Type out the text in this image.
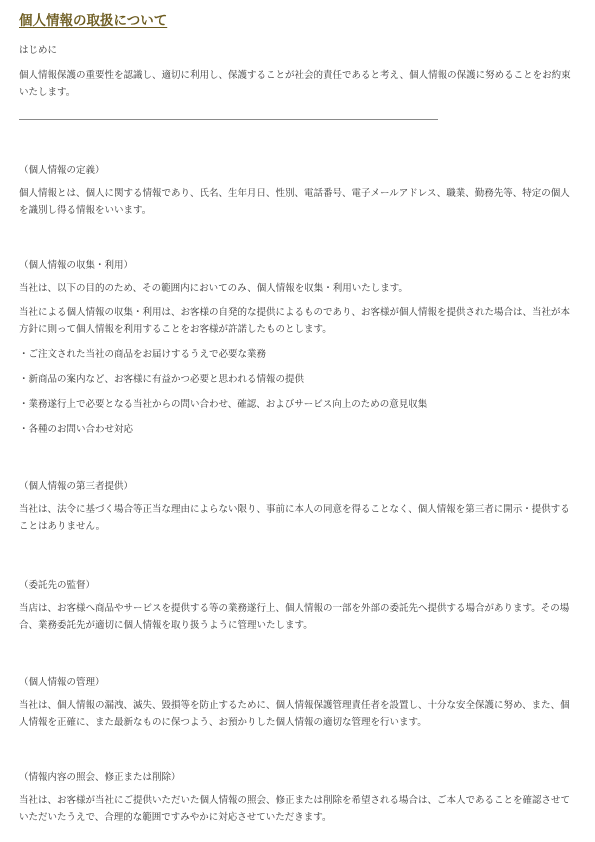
個人情報の取扱について
はじめに

個人情報保護の重要性を認識し、適切に利用し、保護することが社会的責任であると考え、個人情報の保護に努めることをお約束いたします。

（個人情報の定義）

個人情報とは、個人に関する情報であり、氏名、生年月日、性別、電話番号、電子メールアドレス、職業、勤務先等、特定の個人を識別し得る情報をいいます。

（個人情報の収集・利用）

当社は、以下の目的のため、その範囲内においてのみ、個人情報を収集・利用いたします。

当社による個人情報の収集・利用は、お客様の自発的な提供によるものであり、お客様が個人情報を提供された場合は、当社が本方針に則って個人情報を利用することをお客様が許諾したものとします。

・ご注文された当社の商品をお届けするうえで必要な業務

・新商品の案内など、お客様に有益かつ必要と思われる情報の提供

・業務遂行上で必要となる当社からの問い合わせ、確認、およびサービス向上のための意見収集

・各種のお問い合わせ対応

（個人情報の第三者提供）

当社は、法令に基づく場合等正当な理由によらない限り、事前に本人の同意を得ることなく、個人情報を第三者に開示・提供することはありません。

（委託先の監督）

当店は、お客様へ商品やサービスを提供する等の業務遂行上、個人情報の一部を外部の委託先へ提供する場合があります。その場合、業務委託先が適切に個人情報を取り扱うように管理いたします。

（個人情報の管理）

当社は、個人情報の漏洩、滅失、毀損等を防止するために、個人情報保護管理責任者を設置し、十分な安全保護に努め、また、個人情報を正確に、また最新なものに保つよう、お預かりした個人情報の適切な管理を行います。

（情報内容の照会、修正または削除）

当社は、お客様が当社にご提供いただいた個人情報の照会、修正または削除を希望される場合は、ご本人であることを確認させていただいたうえで、合理的な範囲ですみやかに対応させていただきます。
